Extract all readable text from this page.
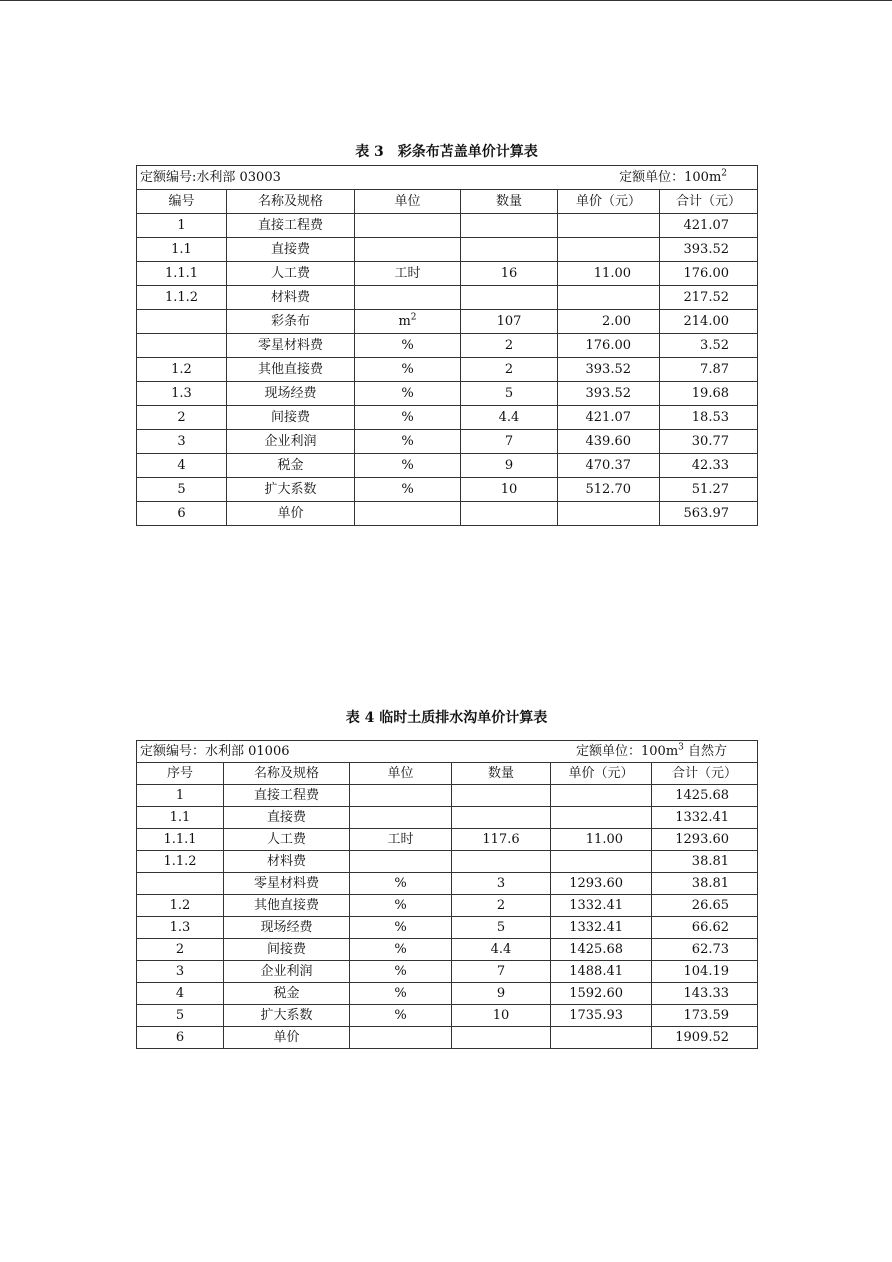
表 3　彩条布苫盖单价计算表
定额编号:水利部 03003 定额单位：$100m^2$

编号	名称及规格	单位	数量	单价（元）	合计（元）
1	直接工程费				421.07
1.1	直接费				393.52
1.1.1	人工费	工时	16	11.00	176.00
1.1.2	材料费				217.52
	彩条布	$m^2$	107	2.00	214.00
	零星材料费	%	2	176.00	3.52
1.2	其他直接费	%	2	393.52	7.87
1.3	现场经费	%	5	393.52	19.68
2	间接费	%	4.4	421.07	18.53
3	企业利润	%	7	439.60	30.77
4	税金	%	9	470.37	42.33
5	扩大系数	%	10	512.70	51.27
6	单价				563.97
表 4 临时土质排水沟单价计算表
定额编号：水利部 01006 定额单位：$100m^3$ 自然方					

序号	名称及规格	单位	数量	单价（元）	合计（元）
1	直接工程费				1425.68
1.1	直接费				1332.41
1.1.1	人工费	工时	117.6	11.00	1293.60
1.1.2	材料费				38.81
	零星材料费	%	3	1293.60	38.81
1.2	其他直接费	%	2	1332.41	26.65
1.3	现场经费	%	5	1332.41	66.62
2	间接费	%	4.4	1425.68	62.73
3	企业利润	%	7	1488.41	104.19
4	税金	%	9	1592.60	143.33
5	扩大系数	%	10	1735.93	173.59
6	单价				1909.52
